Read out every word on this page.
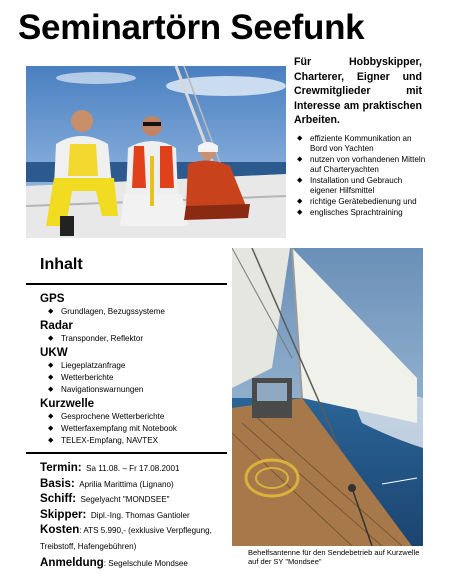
Seminartörn Seefunk

Für Hobbyskipper, Charterer, Eigner und Crewmitglieder mit Interesse am praktischen Arbeiten.

◆ effiziente Kommunikation an Bord von Yachten
◆ nutzen von vorhandenen Mitteln auf Charteryachten
◆ Installation und Gebrauch eigener Hilfsmittel
◆ richtige Gerätebedienung und
◆ englisches Sprachtraining
Inhalt
GPS
◆ Grundlagen, Bezugssysteme
Radar
◆ Transponder, Reflektor
UKW
◆ Liegeplatzanfrage
◆ Wetterberichte
◆ Navigationswarnungen
Kurzwelle
◆ Gesprochene Wetterberichte
◆ Wetterfaxempfang mit Notebook
◆ TELEX-Empfang, NAVTEX
Termin: Sa 11.08. – Fr 17.08.2001
Basis: Aprilia Marittima (Lignano)
Schiff: Segelyacht "MONDSEE"
Skipper: Dipl.-Ing. Thomas Gantioler
Kosten: ATS 5.990,- (exklusive Verpflegung, Treibstoff, Hafengebühren)
Anmeldung: Segelschule Mondsee

Behelfsantenne für den Sendebetrieb auf Kurzwelle auf der SY "Mondsee"
